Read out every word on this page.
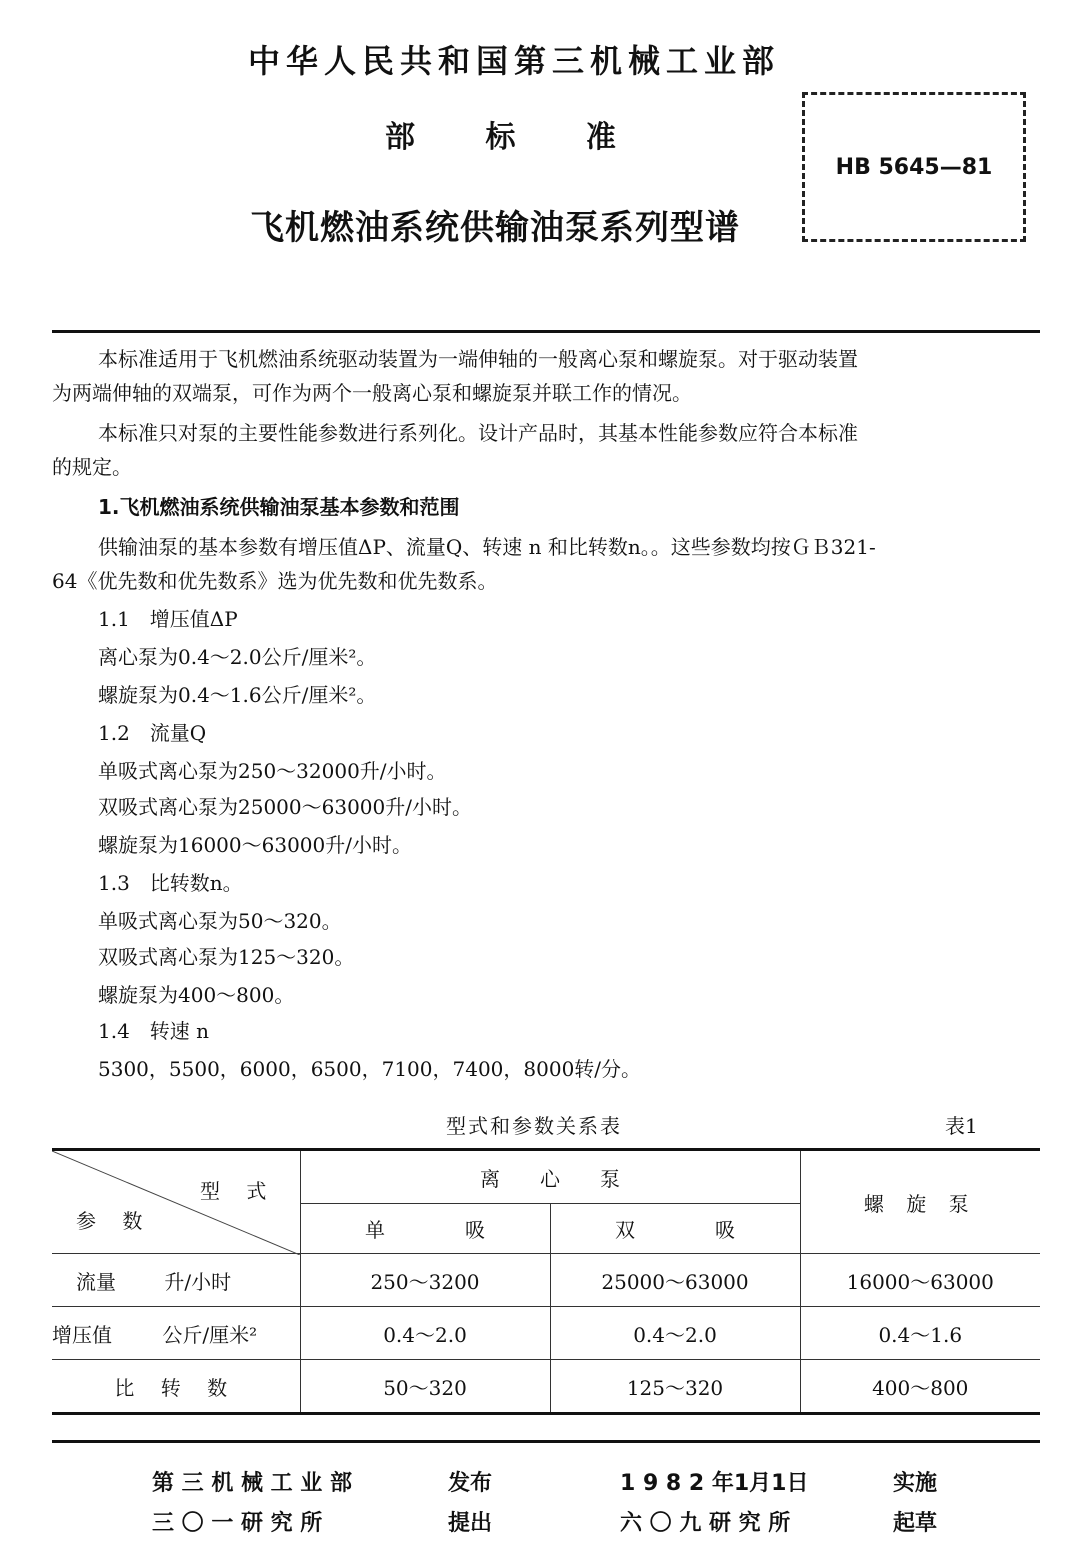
中华人民共和国第三机械工业部
部 标 准
飞机燃油系统供输油泵系列型谱
HB 5645—81
本标准适用于飞机燃油系统驱动装置为一端伸轴的一般离心泵和螺旋泵。对于驱动装置
为两端伸轴的双端泵，可作为两个一般离心泵和螺旋泵并联工作的情况。
本标准只对泵的主要性能参数进行系列化。设计产品时，其基本性能参数应符合本标准
的规定。
1.飞机燃油系统供输油泵基本参数和范围
供输油泵的基本参数有增压值ΔP、流量Q、转速 n 和比转数n。。这些参数均按ＧＢ321-
64《优先数和优先数系》选为优先数和优先数系。
1.1　增压值ΔP
离心泵为0.4～2.0公斤/厘米²。
螺旋泵为0.4～1.6公斤/厘米²。
1.2　流量Q
单吸式离心泵为250～32000升/小时。
双吸式离心泵为25000～63000升/小时。
螺旋泵为16000～63000升/小时。
1.3　比转数n。
单吸式离心泵为50～320。
双吸式离心泵为125～320。
螺旋泵为400～800。
1.4　转速 n
5300，5500，6000，6500，7100，7400，8000转/分。
型式和参数关系表	表1
型 式
参 数	离　　心　　泵		螺 旋 泵
	单　　　　吸	双　　　　吸	
流量 升/小时	250～3200	25000～63000	16000～63000
增压值 公斤/厘米²	0.4～2.0	0.4～2.0	0.4～1.6
比 转 数	50～320	125～320	400～800
第 三 机 械 工 业 部	发布	1 9 8 2 年1月1日	实施
三 〇 一 研 究 所	提出	六 〇 九 研 究 所	起草
